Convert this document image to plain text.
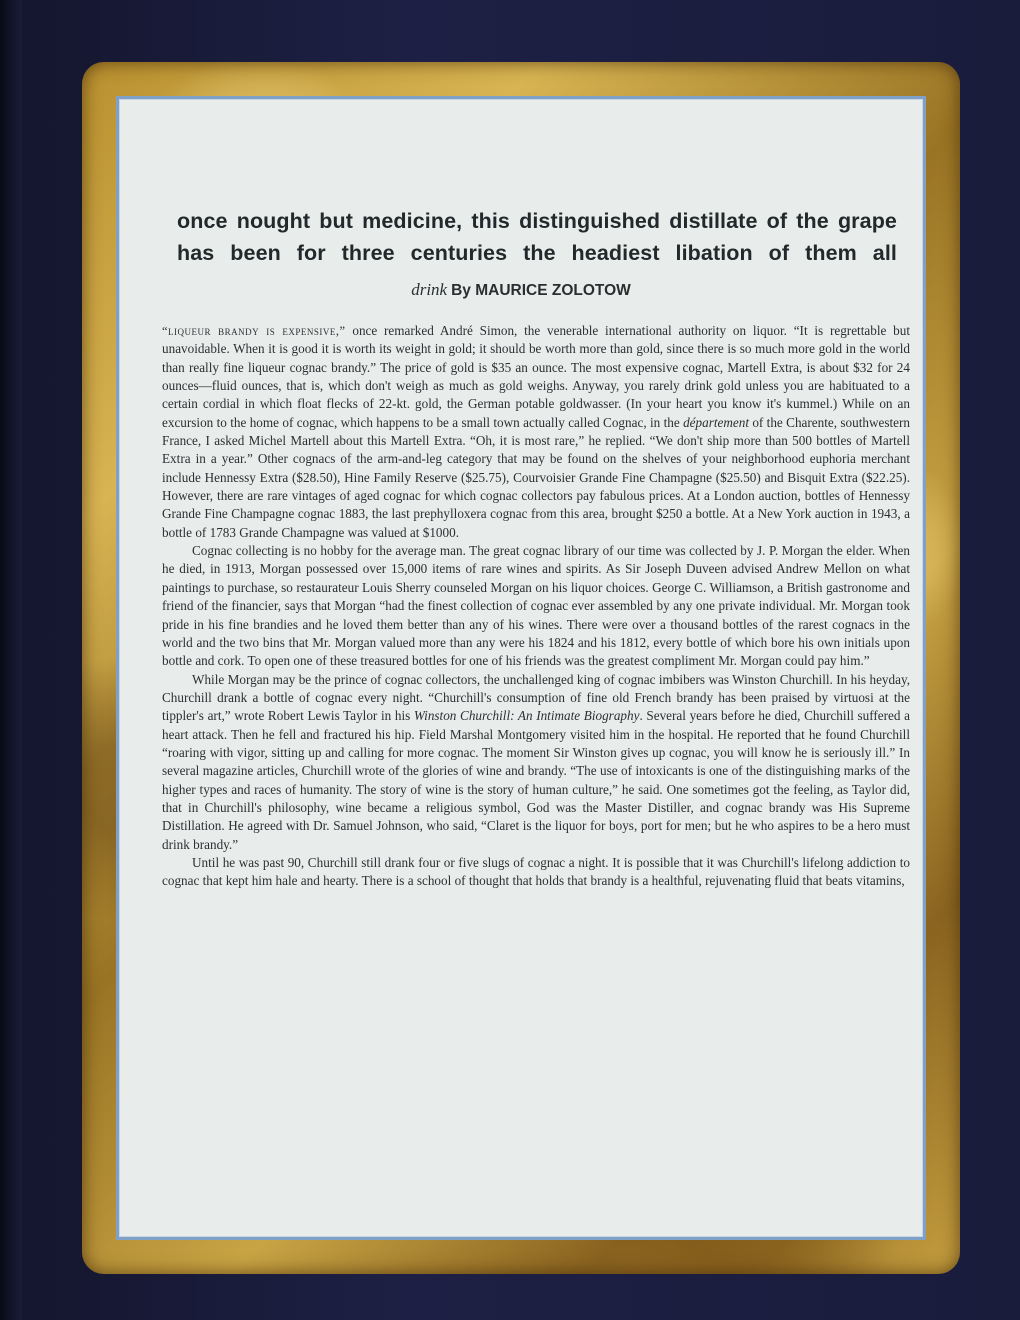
once nought but medicine, this distinguished distillate of the grape has been for three centuries the headiest libation of them all
drink By MAURICE ZOLOTOW

“liqueur brandy is expensive,” once remarked André Simon, the venerable international authority on liquor. “It is regrettable but unavoidable. When it is good it is worth its weight in gold; it should be worth more than gold, since there is so much more gold in the world than really fine liqueur cognac brandy.” The price of gold is $35 an ounce. The most expensive cognac, Martell Extra, is about $32 for 24 ounces—fluid ounces, that is, which don't weigh as much as gold weighs. Anyway, you rarely drink gold unless you are habituated to a certain cordial in which float flecks of 22-kt. gold, the German potable goldwasser. (In your heart you know it's kummel.) While on an excursion to the home of cognac, which happens to be a small town actually called Cognac, in the département of the Charente, southwestern France, I asked Michel Martell about this Martell Extra. “Oh, it is most rare,” he replied. “We don't ship more than 500 bottles of Martell Extra in a year.” Other cognacs of the arm-and-leg category that may be found on the shelves of your neighborhood euphoria merchant include Hennessy Extra ($28.50), Hine Family Reserve ($25.75), Courvoisier Grande Fine Champagne ($25.50) and Bisquit Extra ($22.25). However, there are rare vintages of aged cognac for which cognac collectors pay fabulous prices. At a London auction, bottles of Hennessy Grande Fine Champagne cognac 1883, the last prephylloxera cognac from this area, brought $250 a bottle. At a New York auction in 1943, a bottle of 1783 Grande Champagne was valued at $1000.

Cognac collecting is no hobby for the average man. The great cognac library of our time was collected by J. P. Morgan the elder. When he died, in 1913, Morgan possessed over 15,000 items of rare wines and spirits. As Sir Joseph Duveen advised Andrew Mellon on what paintings to purchase, so restaurateur Louis Sherry counseled Morgan on his liquor choices. George C. Williamson, a British gastronome and friend of the financier, says that Morgan “had the finest collection of cognac ever assembled by any one private individual. Mr. Morgan took pride in his fine brandies and he loved them better than any of his wines. There were over a thousand bottles of the rarest cognacs in the world and the two bins that Mr. Morgan valued more than any were his 1824 and his 1812, every bottle of which bore his own initials upon bottle and cork. To open one of these treasured bottles for one of his friends was the greatest compliment Mr. Morgan could pay him.”

While Morgan may be the prince of cognac collectors, the unchallenged king of cognac imbibers was Winston Churchill. In his heyday, Churchill drank a bottle of cognac every night. “Churchill's consumption of fine old French brandy has been praised by virtuosi at the tippler's art,” wrote Robert Lewis Taylor in his Winston Churchill: An Intimate Biography. Several years before he died, Churchill suffered a heart attack. Then he fell and fractured his hip. Field Marshal Montgomery visited him in the hospital. He reported that he found Churchill “roaring with vigor, sitting up and calling for more cognac. The moment Sir Winston gives up cognac, you will know he is seriously ill.” In several magazine articles, Churchill wrote of the glories of wine and brandy. “The use of intoxicants is one of the distinguishing marks of the higher types and races of humanity. The story of wine is the story of human culture,” he said. One sometimes got the feeling, as Taylor did, that in Churchill's philosophy, wine became a religious symbol, God was the Master Distiller, and cognac brandy was His Supreme Distillation. He agreed with Dr. Samuel Johnson, who said, “Claret is the liquor for boys, port for men; but he who aspires to be a hero must drink brandy.”

Until he was past 90, Churchill still drank four or five slugs of cognac a night. It is possible that it was Churchill's lifelong addiction to cognac that kept him hale and hearty. There is a school of thought that holds that brandy is a healthful, rejuvenating fluid that beats vitamins,
